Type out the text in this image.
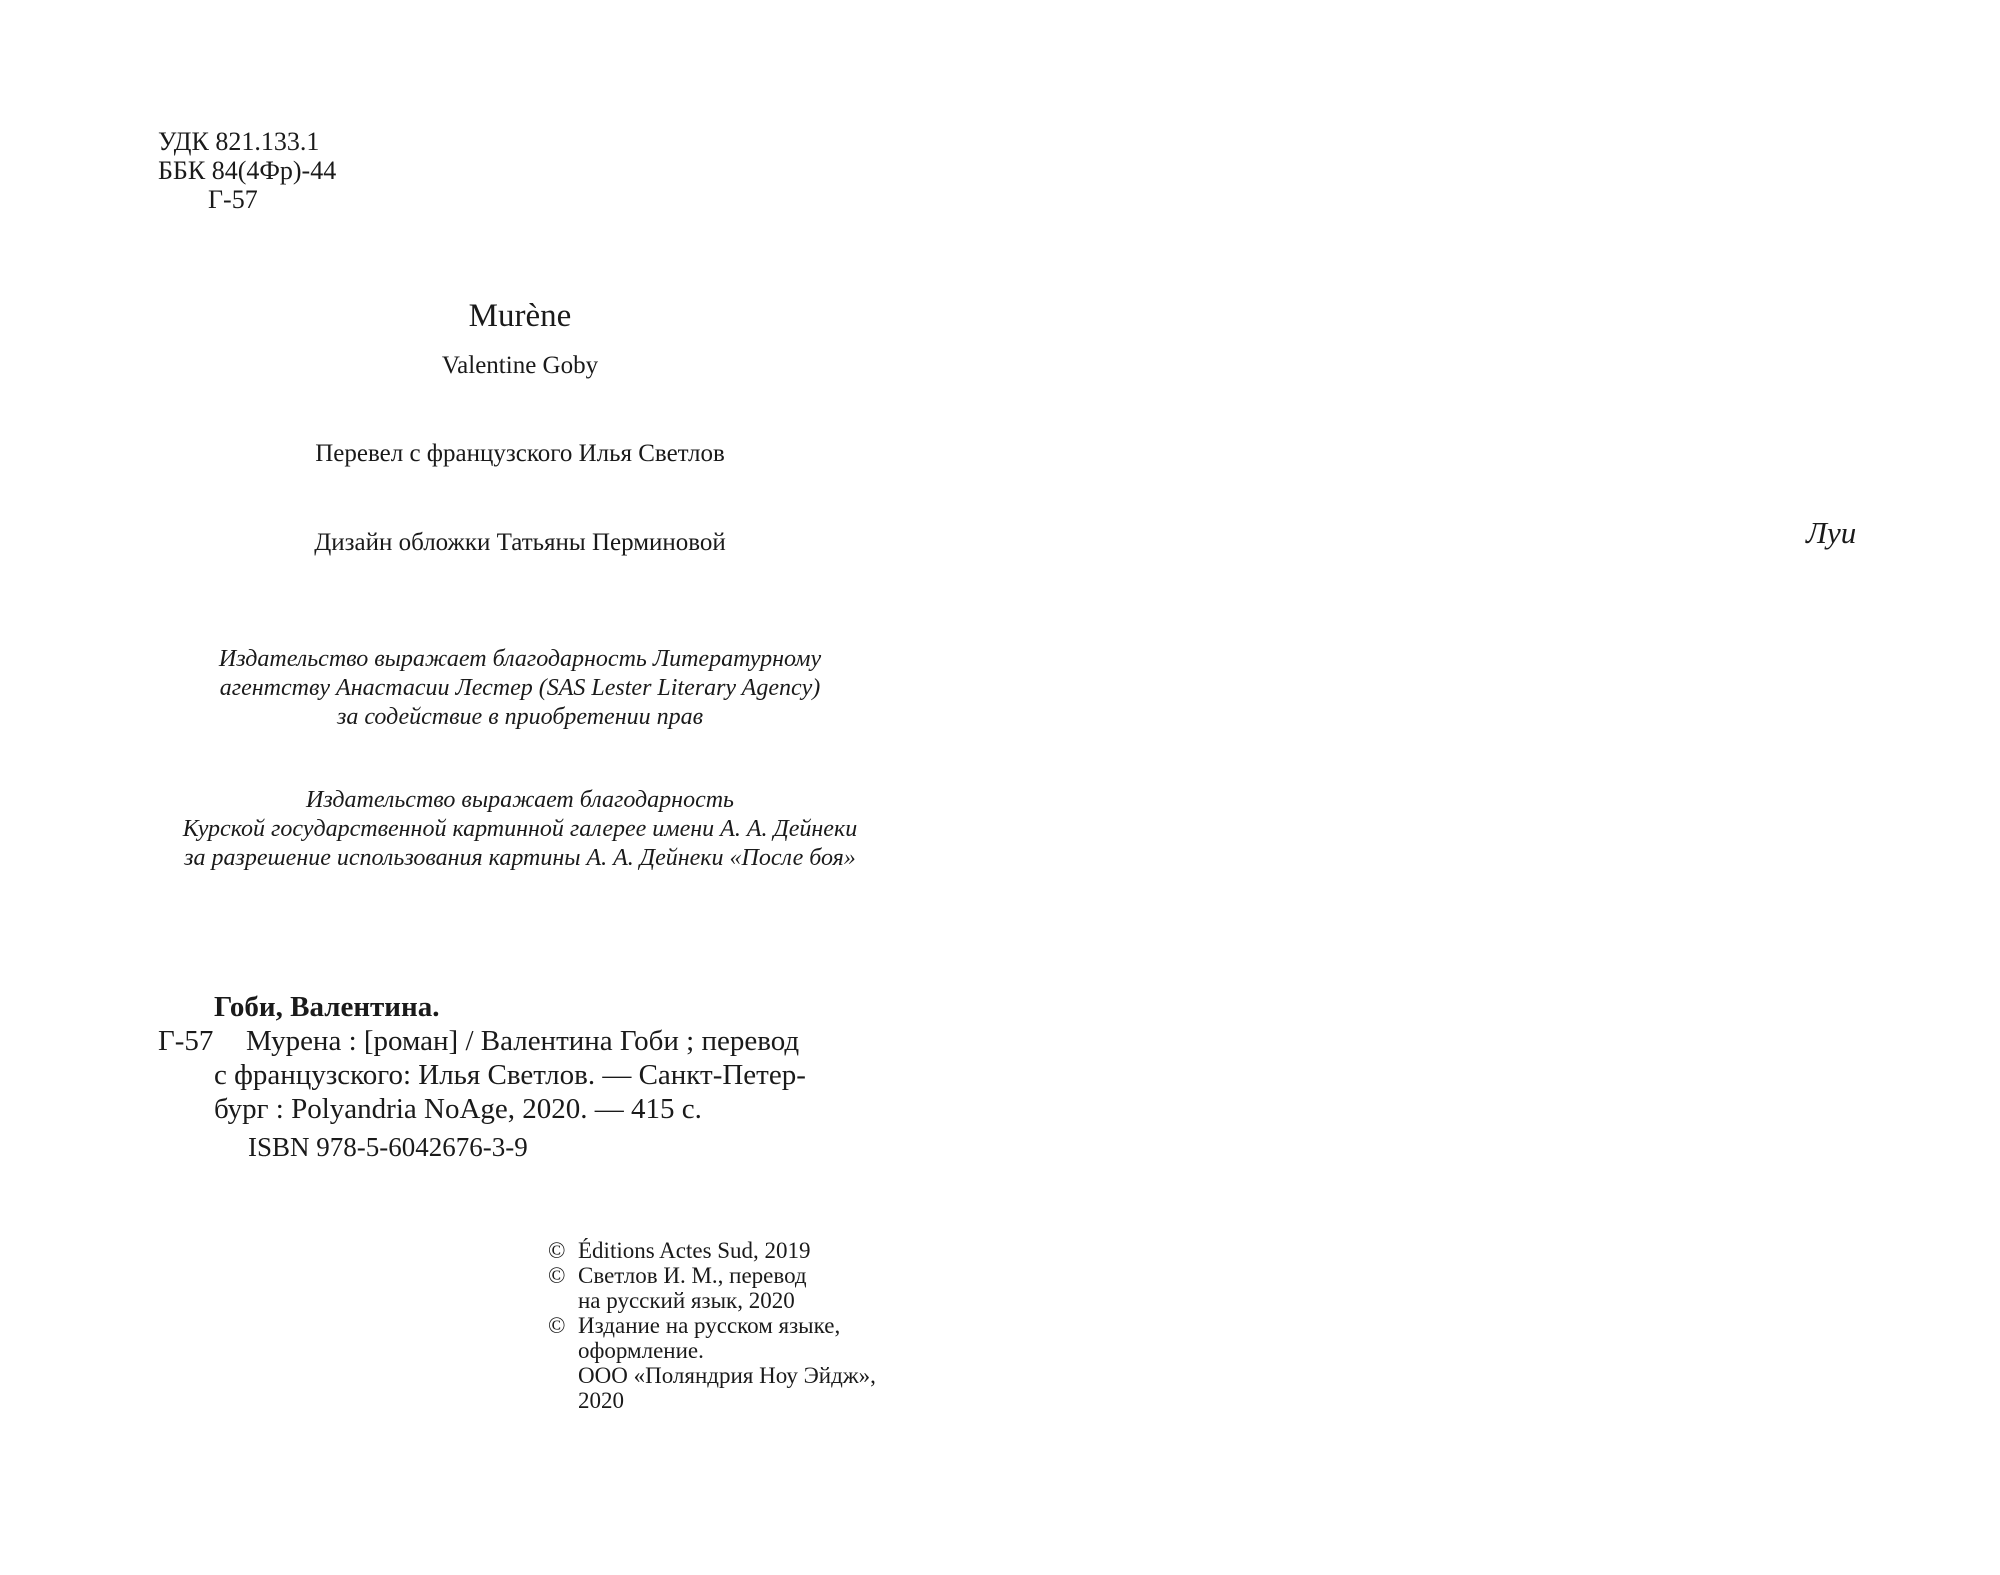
УДК 821.133.1
ББК 84(4Фр)-44
Г-57
Murène
Valentine Goby
Перевел с французского Илья Светлов
Дизайн обложки Татьяны Перминовой
Издательство выражает благодарность Литературному
агентству Анастасии Лестер (SAS Lester Literary Agency)
за содействие в приобретении прав
Издательство выражает благодарность
Курской государственной картинной галерее имени А. А. Дейнеки
за разрешение использования картины А. А. Дейнеки «После боя»
Гоби, Валентина.
Г-57	Мурена : [роман] / Валентина Гоби ; перевод
с французского: Илья Светлов. — Санкт-Петер-
бург : Polyandria NoAge, 2020. — 415 с.
ISBN 978-5-6042676-3-9
© Éditions Actes Sud, 2019
© Светлов И. М., перевод
на русский язык, 2020
© Издание на русском языке,
оформление.
ООО «Поляндрия Ноу Эйдж»,
2020
Луи
